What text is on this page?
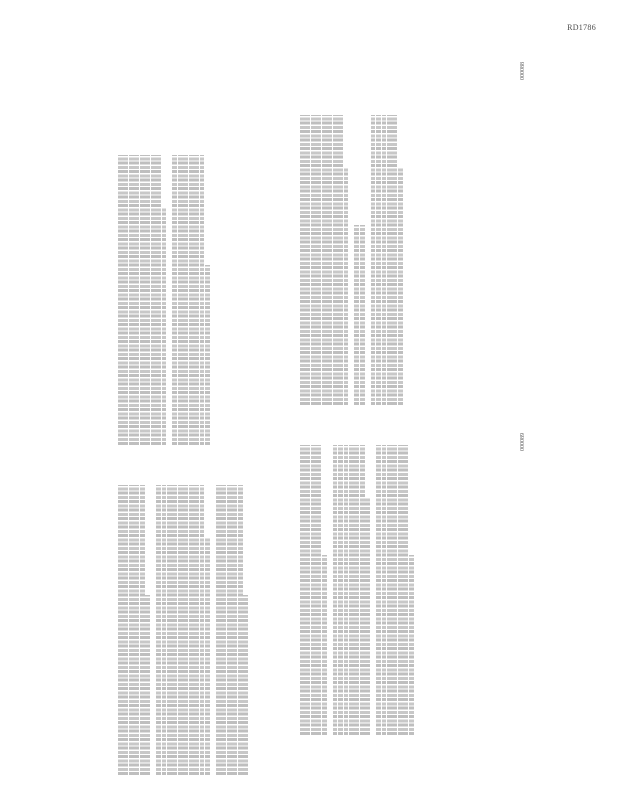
RD1786
000089
000088
